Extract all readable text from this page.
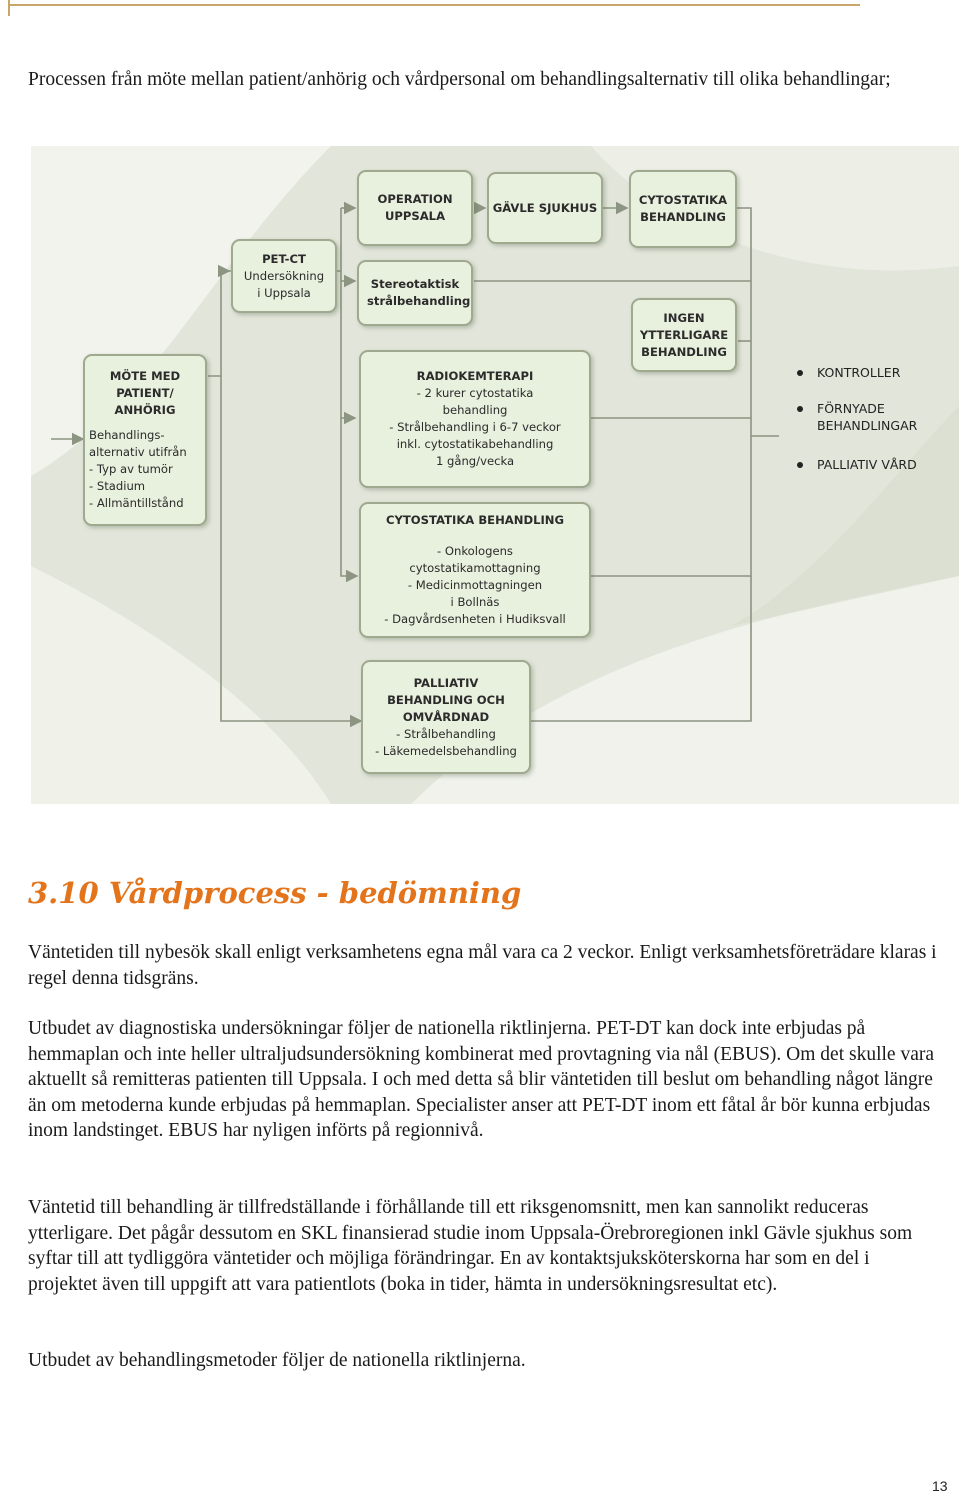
Processen från möte mellan patient/anhörig och vårdpersonal om behandlingsalternativ till olika behandlingar;

MÖTE MED PATIENT/ ANHÖRIG
Behandlings-
alternativ utifrån
- Typ av tumör
- Stadium
- Allmäntillstånd
PET-CT
Undersökning
i Uppsala
OPERATION UPPSALA
GÄVLE SJUKHUS
CYTOSTATIKA BEHANDLING
Stereotaktisk strålbehandling
INGEN YTTERLIGARE BEHANDLING
RADIOKEMTERAPI
- 2 kurer cytostatika
behandling
- Strålbehandling i 6-7 veckor
inkl. cytostatikabehandling
1 gång/vecka
CYTOSTATIKA BEHANDLING
- Onkologens
cytostatikamottagning
- Medicinmottagningen
i Bollnäs
- Dagvårdsenheten i Hudiksvall
PALLIATIV BEHANDLING OCH OMVÅRDNAD
- Strålbehandling
- Läkemedelsbehandling
KONTROLLER
FÖRNYADE BEHANDLINGAR
PALLIATIV VÅRD
3.10 Vårdprocess - bedömning

Väntetiden till nybesök skall enligt verksamhetens egna mål vara ca 2 veckor. Enligt verksamhetsföreträdare klaras i regel denna tidsgräns.

Utbudet av diagnostiska undersökningar följer de nationella riktlinjerna. PET-DT kan dock inte erbjudas på hemmaplan och inte heller ultraljudsundersökning kombinerat med provtagning via nål (EBUS). Om det skulle vara aktuellt så remitteras patienten till Uppsala. I och med detta så blir väntetiden till beslut om behandling något längre än om metoderna kunde erbjudas på hemmaplan. Specialister anser att PET-DT inom ett fåtal år bör kunna erbjudas inom landstinget. EBUS har nyligen införts på regionnivå.

Väntetid till behandling är tillfredställande i förhållande till ett riksgenomsnitt, men kan sannolikt reduceras ytterligare. Det pågår dessutom en SKL finansierad studie inom Uppsala-Örebroregionen inkl Gävle sjukhus som syftar till att tydliggöra väntetider och möjliga förändringar. En av kontaktsjuksköterskorna har som en del i projektet även till uppgift att vara patientlots (boka in tider, hämta in undersökningsresultat etc).

Utbudet av behandlingsmetoder följer de nationella riktlinjerna.

13
